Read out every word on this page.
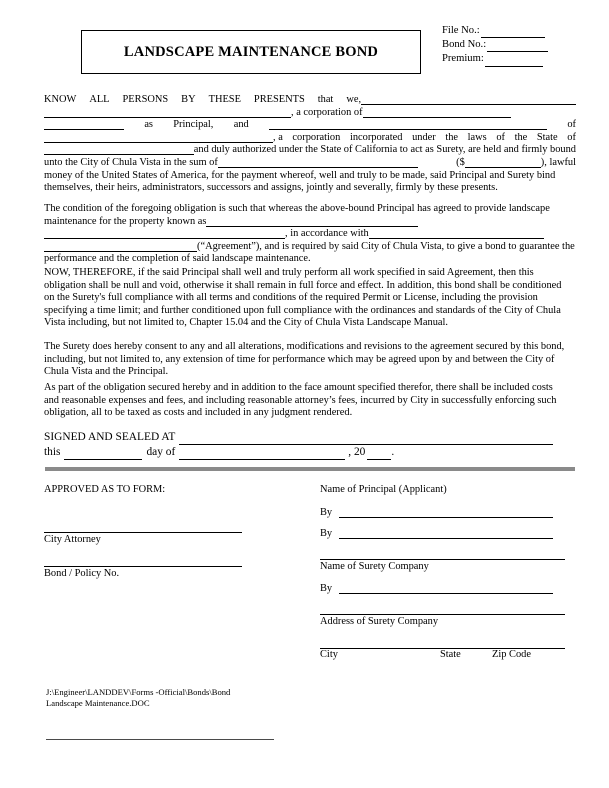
LANDSCAPE MAINTENANCE BOND
File No.:
Bond No.:
Premium:
KNOW ALL PERSONS BY THESE PRESENTS that we,
, a corporation of
as Principal, and	of
, a corporation incorporated under the laws of the State of
and duly authorized under the State of California to act as Surety, are held and firmly bound
unto the City of Chula Vista in the sum of	($	), lawful
money of the United States of America, for the payment whereof, well and truly to be made, said Principal and Surety bind
themselves, their heirs, administrators, successors and assigns, jointly and severally, firmly by these presents.
The condition of the foregoing obligation is such that whereas the above-bound Principal has agreed to provide landscape
maintenance for the property known as
, in accordance with
(“Agreement”), and is required by said City of Chula Vista, to give a bond to guarantee the
performance and the completion of said landscape maintenance.
NOW, THEREFORE, if the said Principal shall well and truly perform all work specified in said Agreement, then this
obligation shall be null and void, otherwise it shall remain in full force and effect. In addition, this bond shall be conditioned
on the Surety's full compliance with all terms and conditions of the required Permit or License, including the provision
specifying a time limit; and further conditioned upon full compliance with the ordinances and standards of the City of Chula
Vista including, but not limited to, Chapter 15.04 and the City of Chula Vista Landscape Manual.
The Surety does hereby consent to any and all alterations, modifications and revisions to the agreement secured by this bond,
including, but not limited to, any extension of time for performance which may be agreed upon by and between the City of
Chula Vista and the Principal.
As part of the obligation secured hereby and in addition to the face amount specified therefor, there shall be included costs
and reasonable expenses and fees, and including reasonable attorney’s fees, incurred by City in successfully enforcing such
obligation, all to be taxed as costs and included in any judgment rendered.
SIGNED AND SEALED AT
this	day of	, 20 .
APPROVED AS TO FORM:
City Attorney
Bond / Policy No.
Name of Principal (Applicant)
By
By
Name of Surety Company
By
Address of Surety Company
City	State	Zip Code
J:\Engineer\LANDDEV\Forms -Official\Bonds\Bond
Landscape Maintenance.DOC
